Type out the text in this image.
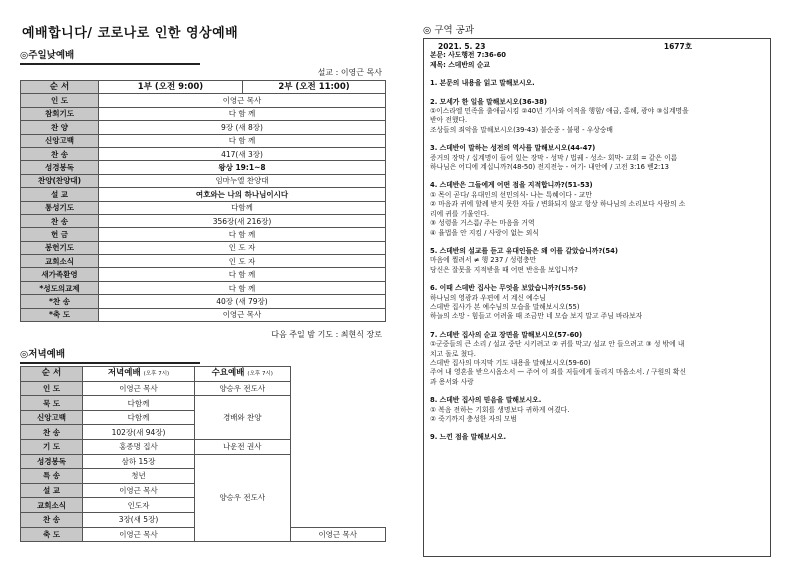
예배합니다/ 코로나로 인한 영상예배
◎주일낮예배
설교 : 이영근 목사
순 서	1부 (오전 9:00)	2부 (오전 11:00)
인 도	이영근 목사	
참회기도	다 함 께	
찬 양	9장 (새 8장)	
신앙고백	다 함 께	
찬 송	417(새 3장)	
성경봉독	왕상 19:1~8	
찬양(찬양대)	임마누엘 찬양대	
설 교	여호와는 나의 하나님이시다	
통성기도	다함께	
찬 송	356장(새 216장)	
헌 금	다 함 께	
봉헌기도	인 도 자	
교회소식	인 도 자	
새가족환영	다 함 께	
*성도의교제	다 함 께	
*찬 송	40장 (새 79장)	
*축 도	이영근 목사	
다음 주일 밤 기도 : 최현식 장로
◎저녁예배
순 서	저녁예배 (오후 7시)	수요예배 (오후 7시)	
인 도	이영근 목사	양승우 전도사	
묵 도	다함께	경배와 찬양	
신앙고백	다함께		
찬 송	102장(새 94장)		
기 도	홍종명 집사	나운전 권사	
성경봉독	삼하 15장	양승우 전도사	
특 송	청년		
설 교	이영근 목사		
교회소식	인도자		
찬 송	3장(새 5장)		
축 도	이영근 목사		이영근 목사
◎ 구역 공과
2021. 5. 23	1677호
본문: 사도행전 7:36-60
제목: 스데반의 순교
1. 본문의 내용을 읽고 말해보시오.
2. 모세가 한 일을 말해보시오(36-38)
①이스라엘 민족을 출애굽시킴 ②40년 기사와 이적을 행함/ 애굽, 홍해, 광야 ③십계명을
받아 전했다.
조상들의 죄악을 말해보시오(39-43) 불순종 - 불평 - 우상숭배
3. 스데반이 말하는 성전의 역사를 말해보시오(44-47)
증거의 장막 / 십계명이 들어 있는 장막 - 성막 / 법궤 - 성소- 회막- 교회 = 같은 이름
하나님은 어디에 계십니까?(48-50) 전지전능 - 여기- 내안에 / 고전 3:16 벧2:13
4. 스데반은 그들에게 어떤 점을 지적합니까?(51-53)
① 목이 곧다/ 유대인의 선민의식- 나는 특혜이다 - 교만
② 마음과 귀에 할례 받지 못한 자들 / 변화되지 않고 항상 하나님의 소리보다 사람의 소
리에 귀를 기울인다.
③ 성령을 거스름/ 주는 마음을 거역
④ 율법을 안 지킴 / 사랑이 없는 외식
5. 스데반의 설교를 듣고 유대인들은 왜 이를 갈았습니까?(54)
마음에 찔려서 ≠ 행 237 / 성령충만
당신은 잘못을 지적받을 때 어떤 반응을 보입니까?
6. 이때 스데반 집사는 무엇을 보았습니까?(55-56)
하나님의 영광과 우편에 서 계신 예수님
스데반 집사가 본 예수님의 모습을 말해보시오(55)
하늘의 소망 - 힘들고 어려울 때 조금만 네 모습 보지 말고 주님 바라보자
7. 스데반 집사의 순교 장면을 말해보시오(57-60)
①군중들의 큰 소리 / 설교 중단 시키려고 ② 귀를 막고/ 설교 안 들으려고 ③ 성 밖에 내
치고 돌로 쳤다.
스데반 집사의 마지막 기도 내용을 말해보시오(59-60)
주여 내 영혼을 받으시옵소서 — 주여 이 죄를 저들에게 돌리지 마옵소서. / 구원의 확신
과 용서와 사랑
8. 스데반 집사의 믿음을 말해보시오.
① 복음 전하는 기회를 생명보다 귀하게 여겼다.
② 죽기까지 충성한 자의 모범
9. 느낀 점을 말해보시오.
